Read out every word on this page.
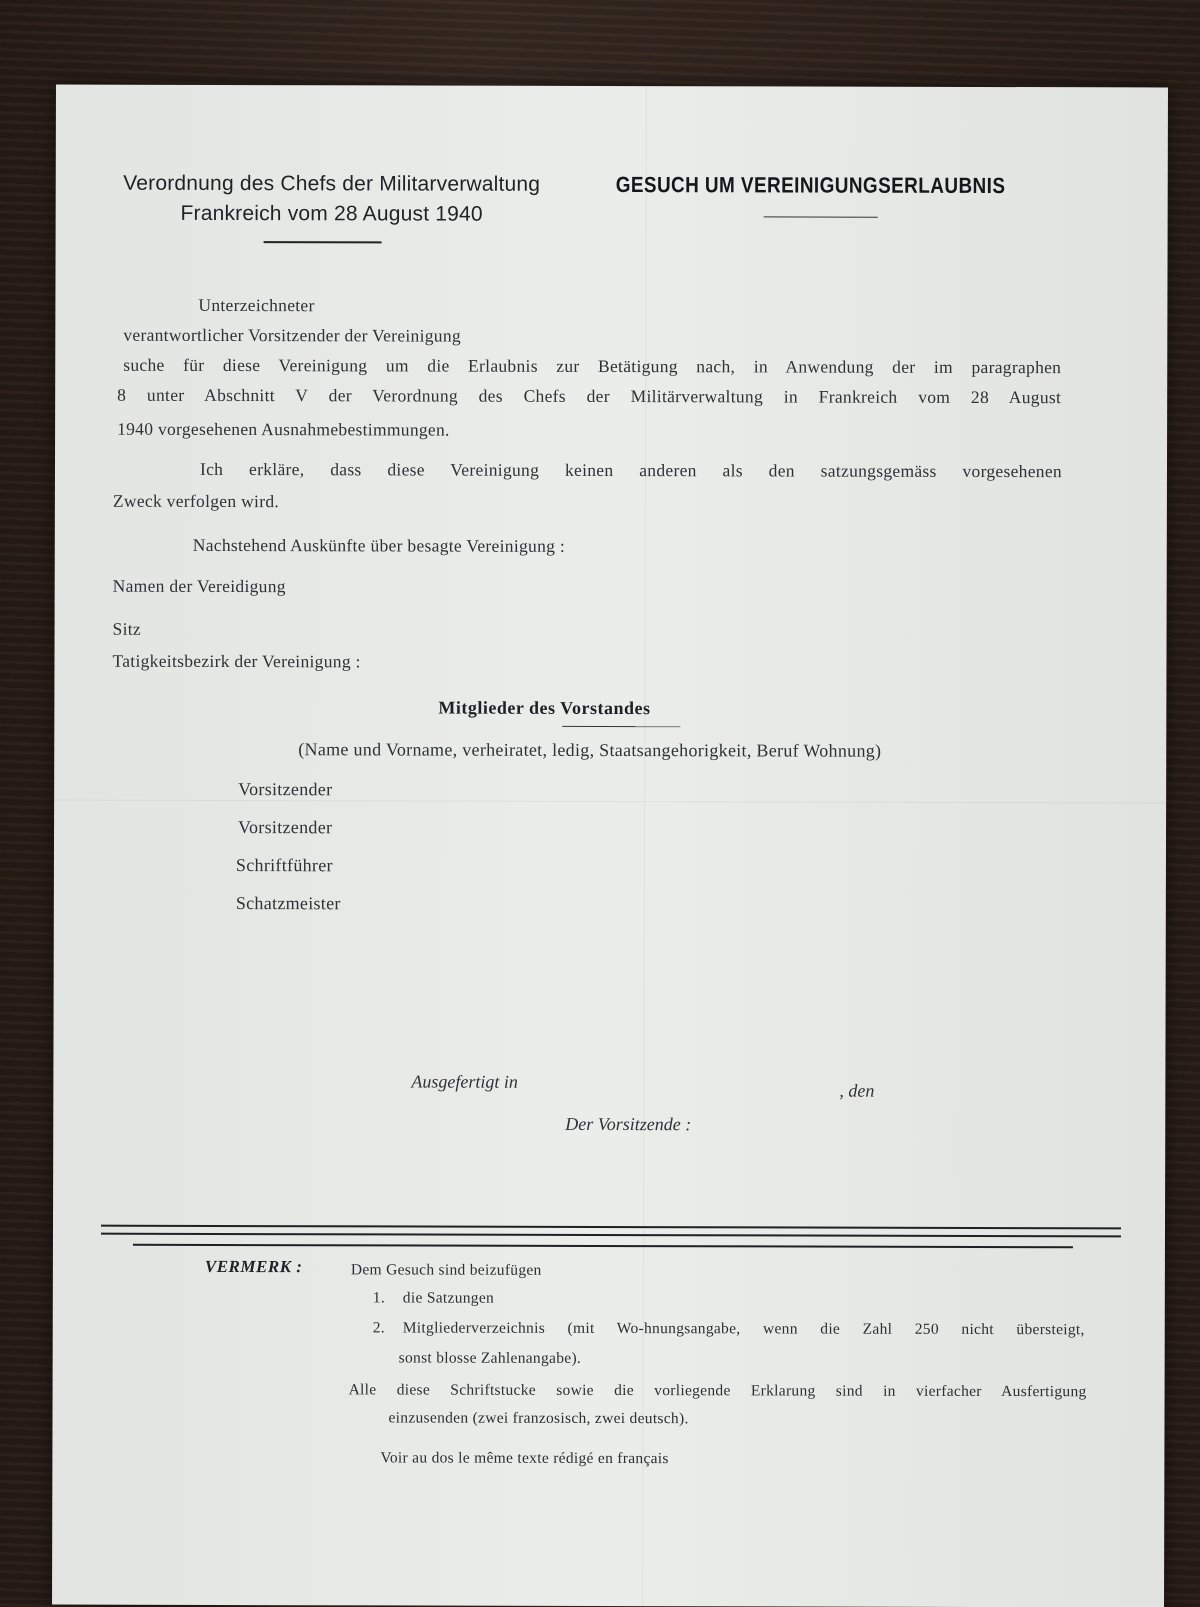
Verordnung des Chefs der Militarverwaltung
Frankreich vom 28 August 1940
GESUCH UM VEREINIGUNGSERLAUBNIS
Unterzeichneter
verantwortlicher Vorsitzender der Vereinigung
suche für diese Vereinigung um die Erlaubnis zur Betätigung nach, in Anwendung der im paragraphen
8 unter Abschnitt V der Verordnung des Chefs der Militärverwaltung in Frankreich vom 28 August
1940 vorgesehenen Ausnahmebestimmungen.
Ich erkläre, dass diese Vereinigung keinen anderen als den satzungsgemäss vorgesehenen
Zweck verfolgen wird.
Nachstehend Auskünfte über besagte Vereinigung :
Namen der Vereidigung
Sitz
Tatigkeitsbezirk der Vereinigung :
Mitglieder des Vorstandes
(Name und Vorname, verheiratet, ledig, Staatsangehorigkeit, Beruf Wohnung)
Vorsitzender
Vorsitzender
Schriftführer
Schatzmeister
Ausgefertigt in	, den
Der Vorsitzende :
VERMERK :	Dem Gesuch sind beizufügen
1. die Satzungen
2. Mitgliederverzeichnis (mit Wo-hnungsangabe, wenn die Zahl 250 nicht übersteigt,
sonst blosse Zahlenangabe).
Alle diese Schriftstucke sowie die vorliegende Erklarung sind in vierfacher Ausfertigung
einzusenden (zwei franzosisch, zwei deutsch).
Voir au dos le même texte rédigé en français
